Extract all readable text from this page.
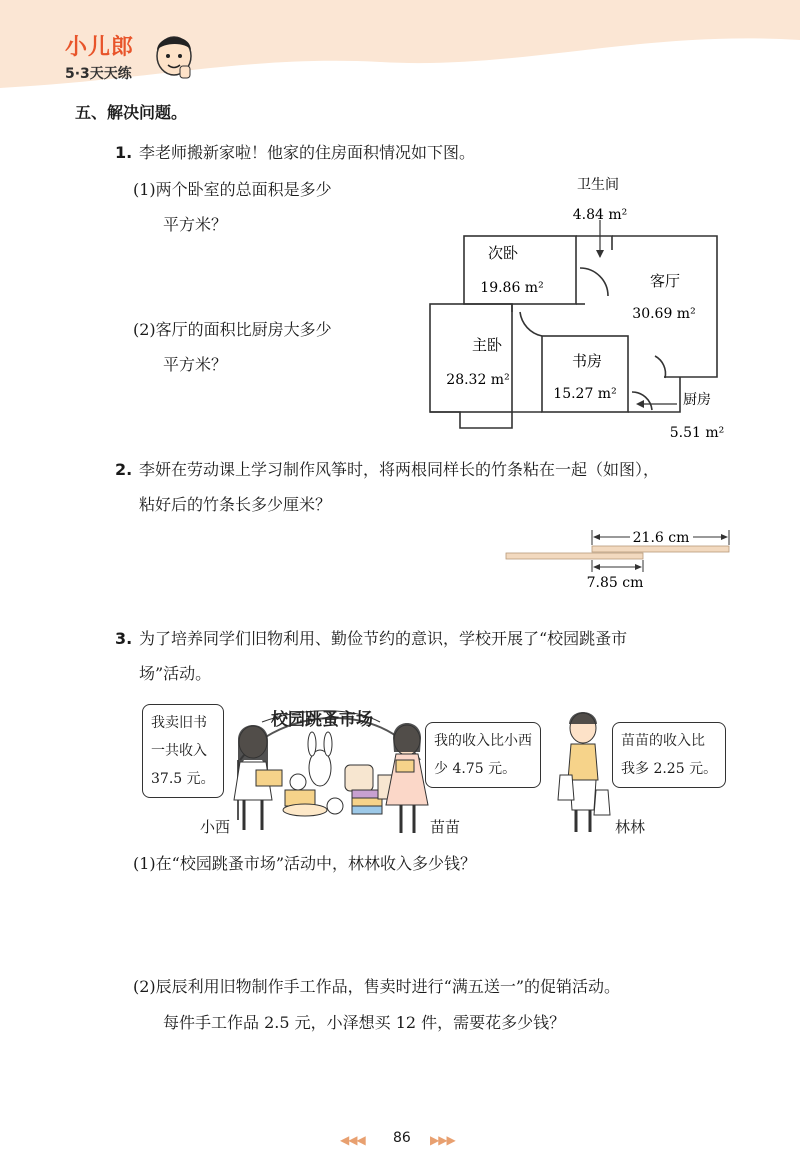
小儿郎
5·3天天练
五、解决问题。
1. 李老师搬新家啦！他家的住房面积情况如下图。
(1)两个卧室的总面积是多少
平方米？
(2)客厅的面积比厨房大多少
平方米？
卫生间
4.84 m²
次卧
19.86 m²	客厅
30.69 m²
主卧
28.32 m²
书房
15.27 m²	厨房
5.51 m²
2. 李妍在劳动课上学习制作风筝时，将两根同样长的竹条粘在一起（如图），
粘好后的竹条长多少厘米？
21.6 cm
7.85 cm
3. 为了培养同学们旧物利用、勤俭节约的意识，学校开展了“校园跳蚤市
场”活动。
校园跳蚤市场
我卖旧书
一共收入
37.5 元。
我的收入比小西
少 4.75 元。
苗苗的收入比
我多 2.25 元。
小西	苗苗	林林
(1)在“校园跳蚤市场”活动中，林林收入多少钱？
(2)辰辰利用旧物制作手工作品，售卖时进行“满五送一”的促销活动。
每件手工作品 2.5 元，小泽想买 12 件，需要花多少钱？
◀◀◀ 86 ▶▶▶
